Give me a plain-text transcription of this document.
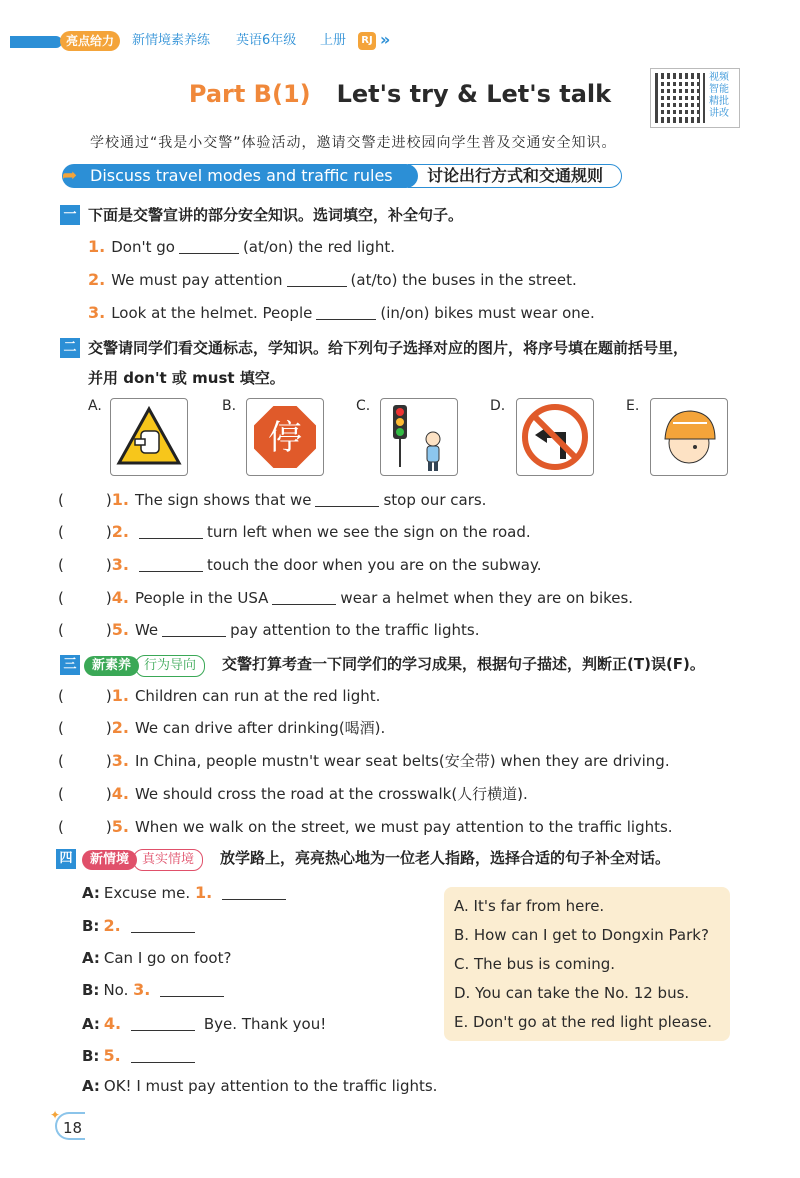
亮点给力	新情境素养练 英语6年级 上册	RJ »
Part B(1) Let's try & Let's talk
视频 智能 精批 讲改
学校通过“我是小交警”体验活动，邀请交警走进校园向学生普及交通安全知识。
Discuss travel modes and traffic rules
➦	讨论出行方式和交通规则
一 下面是交警宣讲的部分安全知识。选词填空，补全句子。
1. Don't go	(at/on) the red light.
2. We must pay attention	(at/to) the buses in the street.
3. Look at the helmet. People	(in/on) bikes must wear one.
二 交警请同学们看交通标志，学知识。给下列句子选择对应的图片，将序号填在题前括号里，
并用 don't 或 must 填空。
A.	B.
停
C.	D.	E.
(	)1. The sign shows that we	stop our cars.
(	)2.	turn left when we see the sign on the road.
(	)3.	touch the door when you are on the subway.
(	)4. People in the USA	wear a helmet when they are on bikes.
(	)5. We	pay attention to the traffic lights.
三	新素养 行为导向	交警打算考查一下同学们的学习成果，根据句子描述，判断正(T)误(F)。
(	)1. Children can run at the red light.
(	)2. We can drive after drinking(喝酒).
(	)3. In China, people mustn't wear seat belts(安全带) when they are driving.
(	)4. We should cross the road at the crosswalk(人行横道).
(	)5. When we walk on the street, we must pay attention to the traffic lights.
四	新情境 真实情境	放学路上，亮亮热心地为一位老人指路，选择合适的句子补全对话。
A: Excuse me. 1.
B: 2.
A: Can I go on foot?
B: No. 3.
A: 4.	Bye. Thank you!
B: 5.
A: OK! I must pay attention to the traffic lights.
A. It's far from here.
B. How can I get to Dongxin Park?
C. The bus is coming.
D. You can take the No. 12 bus.
E. Don't go at the red light please.
✦
18
